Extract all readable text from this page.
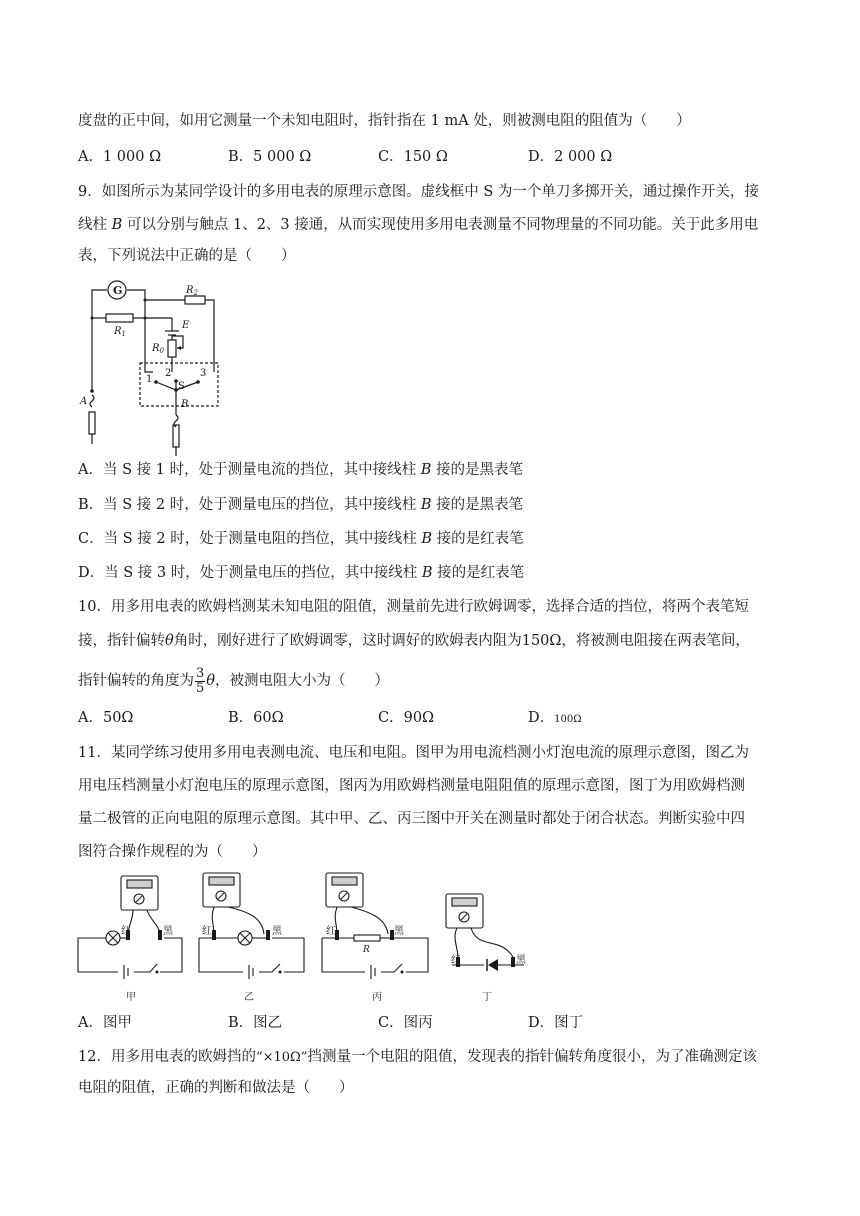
度盘的正中间，如用它测量一个未知电阻时，指针指在 1 mA 处，则被测电阻的阻值为（　　）
A．1 000 Ω	B．5 000 Ω	C．150 Ω	D．2 000 Ω
9．如图所示为某同学设计的多用电表的原理示意图。虚线框中 S 为一个单刀多掷开关，通过操作开关，接
线柱 B 可以分别与触点 1、2、3 接通，从而实现使用多用电表测量不同物理量的不同功能。关于此多用电
表，下列说法中正确的是（　　）
G
$R_1$
$R_2$
E
$R_0$
1
2	3
S
A	B
A．当 S 接 1 时，处于测量电流的挡位，其中接线柱 B 接的是黑表笔
B．当 S 接 2 时，处于测量电压的挡位，其中接线柱 B 接的是黑表笔
C．当 S 接 2 时，处于测量电阻的挡位，其中接线柱 B 接的是红表笔
D．当 S 接 3 时，处于测量电压的挡位，其中接线柱 B 接的是红表笔
10．用多用电表的欧姆档测某未知电阻的阻值，测量前先进行欧姆调零，选择合适的挡位，将两个表笔短
接，指针偏转θ角时，刚好进行了欧姆调零，这时调好的欧姆表内阻为150Ω，将被测电阻接在两表笔间，
指针偏转的角度为 $\frac{3}{5}$ θ，被测电阻大小为（　　）
A．50Ω	B．60Ω	C．90Ω	D．100Ω
11．某同学练习使用多用电表测电流、电压和电阻。图甲为用电流档测小灯泡电流的原理示意图，图乙为
用电压档测量小灯泡电压的原理示意图，图丙为用欧姆档测量电阻阻值的原理示意图，图丁为用欧姆档测
量二极管的正向电阻的原理示意图。其中甲、乙、丙三图中开关在测量时都处于闭合状态。判断实验中四
图符合操作规程的为（　　）
红	黑
甲
红	黑
乙
红	黑
R
丙
红	黑
丁
A．图甲	B．图乙	C．图丙	D．图丁
12．用多用电表的欧姆挡的“×10Ω”挡测量一个电阻的阻值，发现表的指针偏转角度很小，为了准确测定该
电阻的阻值，正确的判断和做法是（　　）
